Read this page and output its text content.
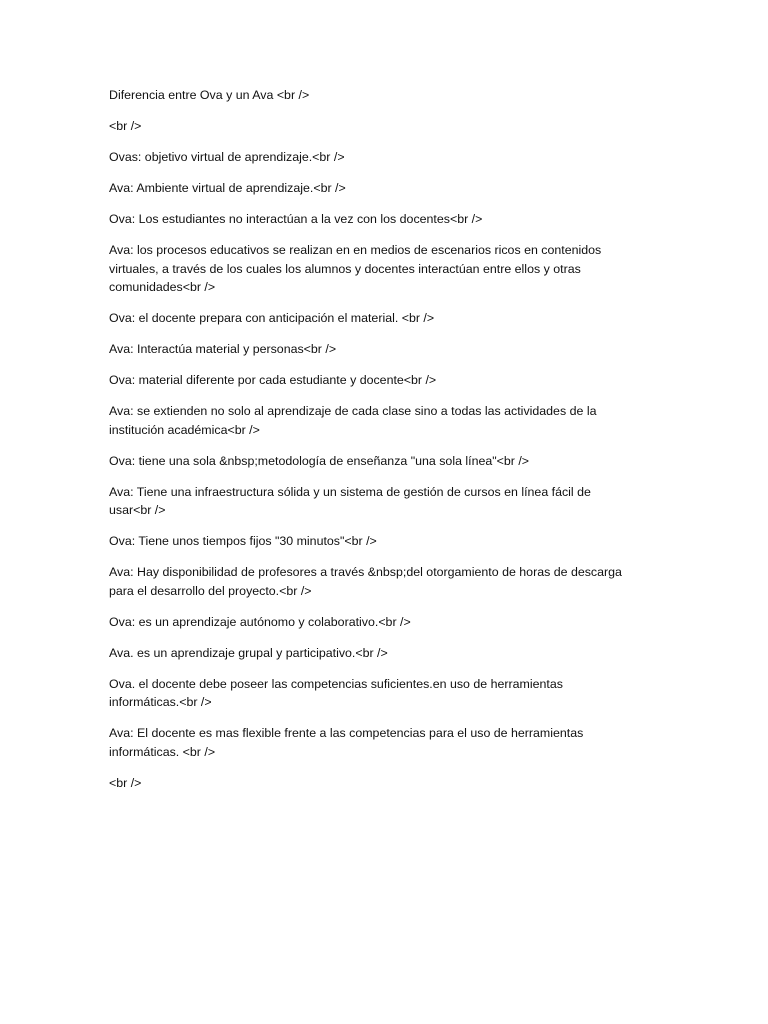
Diferencia entre Ova y un Ava <br />
<br />
Ovas: objetivo virtual de aprendizaje.<br />
Ava: Ambiente virtual de aprendizaje.<br />
Ova: Los estudiantes no interactúan a la vez con los docentes<br />
Ava: los procesos educativos se realizan en en medios de escenarios ricos en contenidos
virtuales, a través de los cuales los alumnos y docentes interactúan entre ellos y otras
comunidades<br />
Ova: el docente prepara con anticipación el material. <br />
Ava: Interactúa material y personas<br />
Ova: material diferente por cada estudiante y docente<br />
Ava: se extienden no solo al aprendizaje de cada clase sino a todas las actividades de la
institución académica<br />
Ova: tiene una sola &nbsp;metodología de enseñanza "una sola línea"<br />
Ava: Tiene una infraestructura sólida y un sistema de gestión de cursos en línea fácil de
usar<br />
Ova: Tiene unos tiempos fijos "30 minutos"<br />
Ava: Hay disponibilidad de profesores a través &nbsp;del otorgamiento de horas de descarga
para el desarrollo del proyecto.<br />
Ova: es un aprendizaje autónomo y colaborativo.<br />
Ava. es un aprendizaje grupal y participativo.<br />
Ova. el docente debe poseer las competencias suficientes.en uso de herramientas
informáticas.<br />
Ava: El docente es mas flexible frente a las competencias para el uso de herramientas
informáticas. <br />
<br />
